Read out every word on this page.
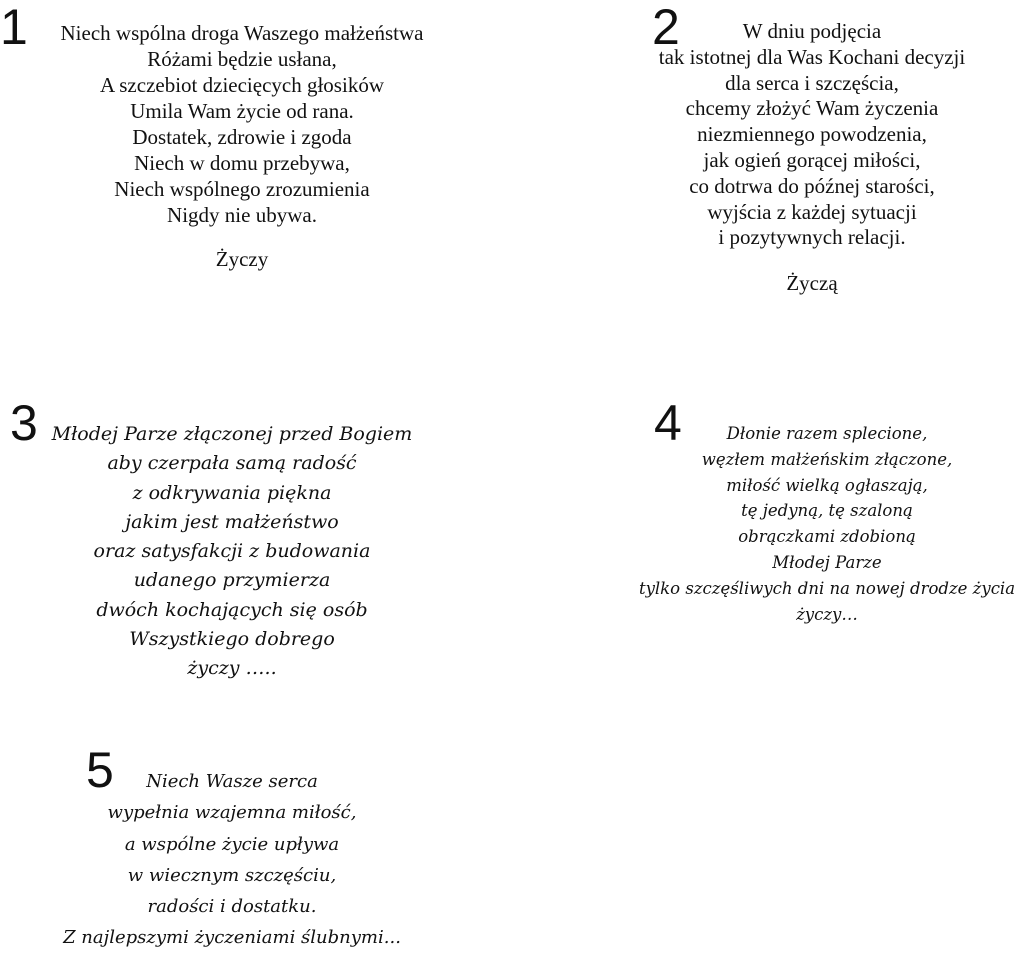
1	Niech wspólna droga Waszego małżeństwa
Różami będzie usłana,
A szczebiot dziecięcych głosików
Umila Wam życie od rana.
Dostatek, zdrowie i zgoda
Niech w domu przebywa,
Niech wspólnego zrozumienia
Nigdy nie ubywa.
Życzy
2	W dniu podjęcia
tak istotnej dla Was Kochani decyzji
dla serca i szczęścia,
chcemy złożyć Wam życzenia
niezmiennego powodzenia,
jak ogień gorącej miłości,
co dotrwa do późnej starości,
wyjścia z każdej sytuacji
i pozytywnych relacji.
Życzą
3 Młodej Parze złączonej przed Bogiem
aby czerpała samą radość
z odkrywania piękna
jakim jest małżeństwo
oraz satysfakcji z budowania
udanego przymierza
dwóch kochających się osób
Wszystkiego dobrego
życzy …..
4	Dłonie razem splecione,
węzłem małżeńskim złączone,
miłość wielką ogłaszają,
tę jedyną, tę szaloną
obrączkami zdobioną
Młodej Parze
tylko szczęśliwych dni na nowej drodze życia
życzy…
5	Niech Wasze serca
wypełnia wzajemna miłość,
a wspólne życie upływa
w wiecznym szczęściu,
radości i dostatku.
Z najlepszymi życzeniami ślubnymi...
